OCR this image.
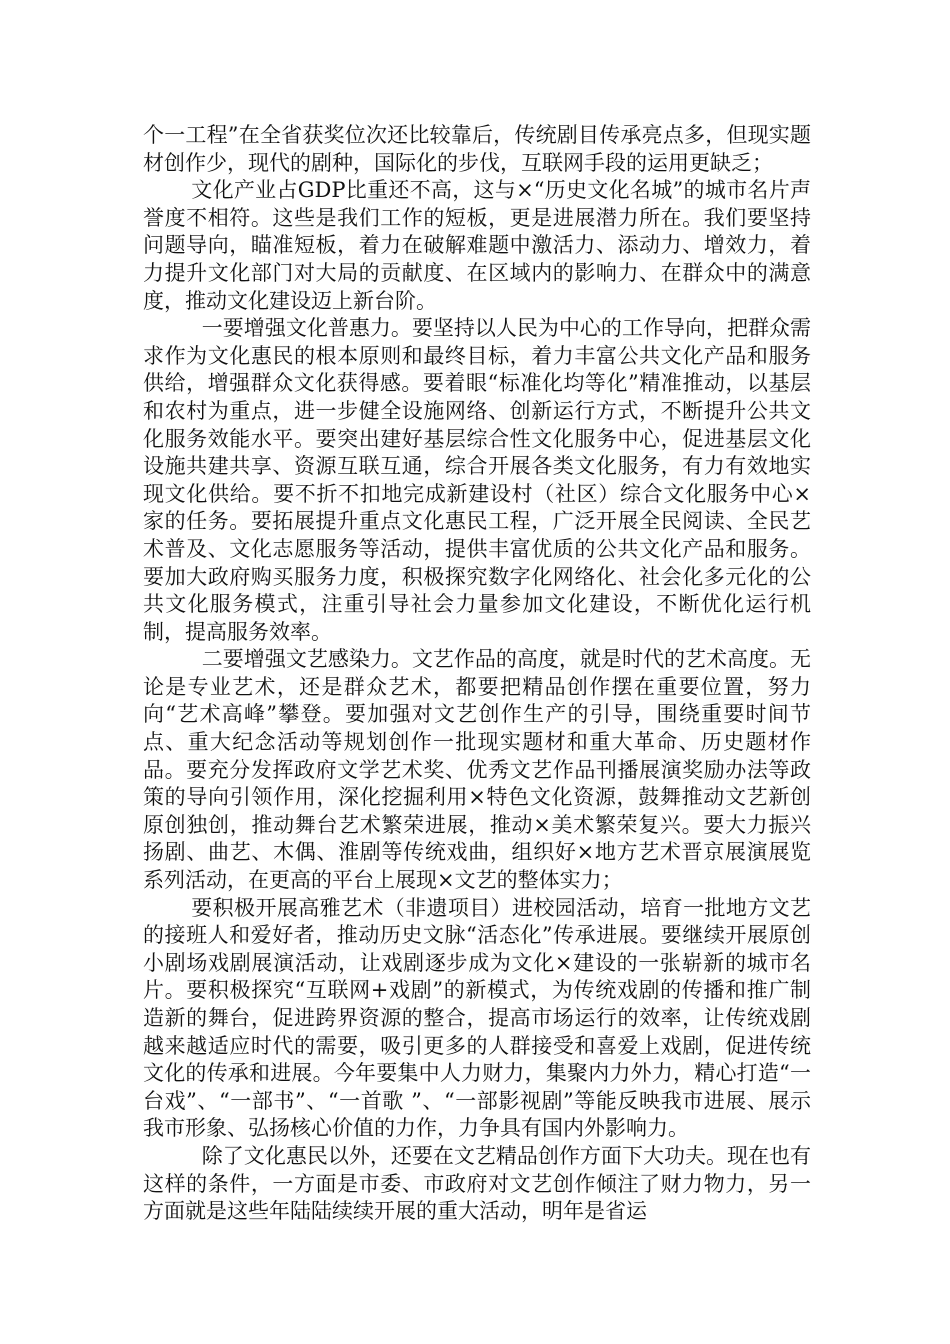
个一工程”在全省获奖位次还比较靠后，传统剧目传承亮点多，但现实题材创作少，现代的剧种，国际化的步伐，互联网手段的运用更缺乏；

文化产业占GDP比重还不高，这与×“历史文化名城”的城市名片声誉度不相符。这些是我们工作的短板，更是进展潜力所在。我们要坚持问题导向，瞄准短板，着力在破解难题中激活力、添动力、增效力，着力提升文化部门对大局的贡献度、在区域内的影响力、在群众中的满意度，推动文化建设迈上新台阶。

一要增强文化普惠力。要坚持以人民为中心的工作导向，把群众需求作为文化惠民的根本原则和最终目标，着力丰富公共文化产品和服务供给，增强群众文化获得感。要着眼“标准化均等化”精准推动，以基层和农村为重点，进一步健全设施网络、创新运行方式，不断提升公共文化服务效能水平。要突出建好基层综合性文化服务中心，促进基层文化设施共建共享、资源互联互通，综合开展各类文化服务，有力有效地实现文化供给。要不折不扣地完成新建设村（社区）综合文化服务中心×家的任务。要拓展提升重点文化惠民工程，广泛开展全民阅读、全民艺术普及、文化志愿服务等活动，提供丰富优质的公共文化产品和服务。要加大政府购买服务力度，积极探究数字化网络化、社会化多元化的公共文化服务模式，注重引导社会力量参加文化建设，不断优化运行机制，提高服务效率。

二要增强文艺感染力。文艺作品的高度，就是时代的艺术高度。无论是专业艺术，还是群众艺术，都要把精品创作摆在重要位置，努力向“艺术高峰”攀登。要加强对文艺创作生产的引导，围绕重要时间节点、重大纪念活动等规划创作一批现实题材和重大革命、历史题材作品。要充分发挥政府文学艺术奖、优秀文艺作品刊播展演奖励办法等政策的导向引领作用，深化挖掘利用×特色文化资源，鼓舞推动文艺新创原创独创，推动舞台艺术繁荣进展，推动×美术繁荣复兴。要大力振兴扬剧、曲艺、木偶、淮剧等传统戏曲，组织好×地方艺术晋京展演展览系列活动，在更高的平台上展现×文艺的整体实力；

要积极开展高雅艺术（非遗项目）进校园活动，培育一批地方文艺的接班人和爱好者，推动历史文脉“活态化”传承进展。要继续开展原创小剧场戏剧展演活动，让戏剧逐步成为文化×建设的一张崭新的城市名片。要积极探究“互联网+戏剧”的新模式，为传统戏剧的传播和推广制造新的舞台，促进跨界资源的整合，提高市场运行的效率，让传统戏剧越来越适应时代的需要，吸引更多的人群接受和喜爱上戏剧，促进传统文化的传承和进展。今年要集中人力财力，集聚内力外力，精心打造“一台戏”、“一部书”、“一首歌 ”、“一部影视剧”等能反映我市进展、展示我市形象、弘扬核心价值的力作，力争具有国内外影响力。

除了文化惠民以外，还要在文艺精品创作方面下大功夫。现在也有这样的条件，一方面是市委、市政府对文艺创作倾注了财力物力，另一方面就是这些年陆陆续续开展的重大活动，明年是省运
